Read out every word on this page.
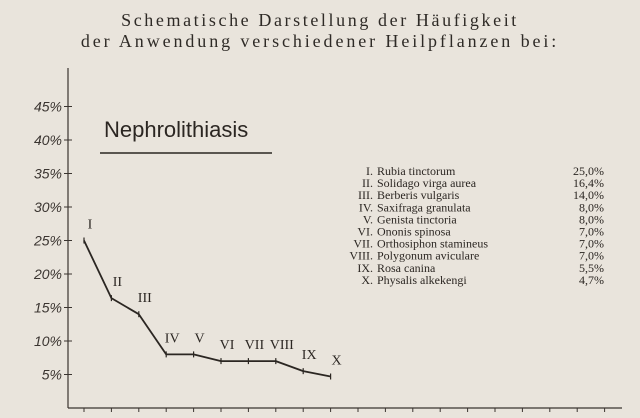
Schematische Darstellung der Häufigkeit
der Anwendung verschiedener Heilpflanzen bei:
5%
10%
15%
20%
25%
30%
35%
40%
45%
I
II
III
IV V VI VII VIII
IX X
Nephrolithiasis
I. Rubia tinctorum	25,0%
II. Solidago virga aurea	16,4%
III. Berberis vulgaris	14,0%
IV. Saxifraga granulata	8,0%
V. Genista tinctoria	8,0%
VI. Ononis spinosa	7,0%
VII. Orthosiphon stamineus	7,0%
VIII. Polygonum aviculare	7,0%
IX. Rosa canina	5,5%
X. Physalis alkekengi	4,7%
